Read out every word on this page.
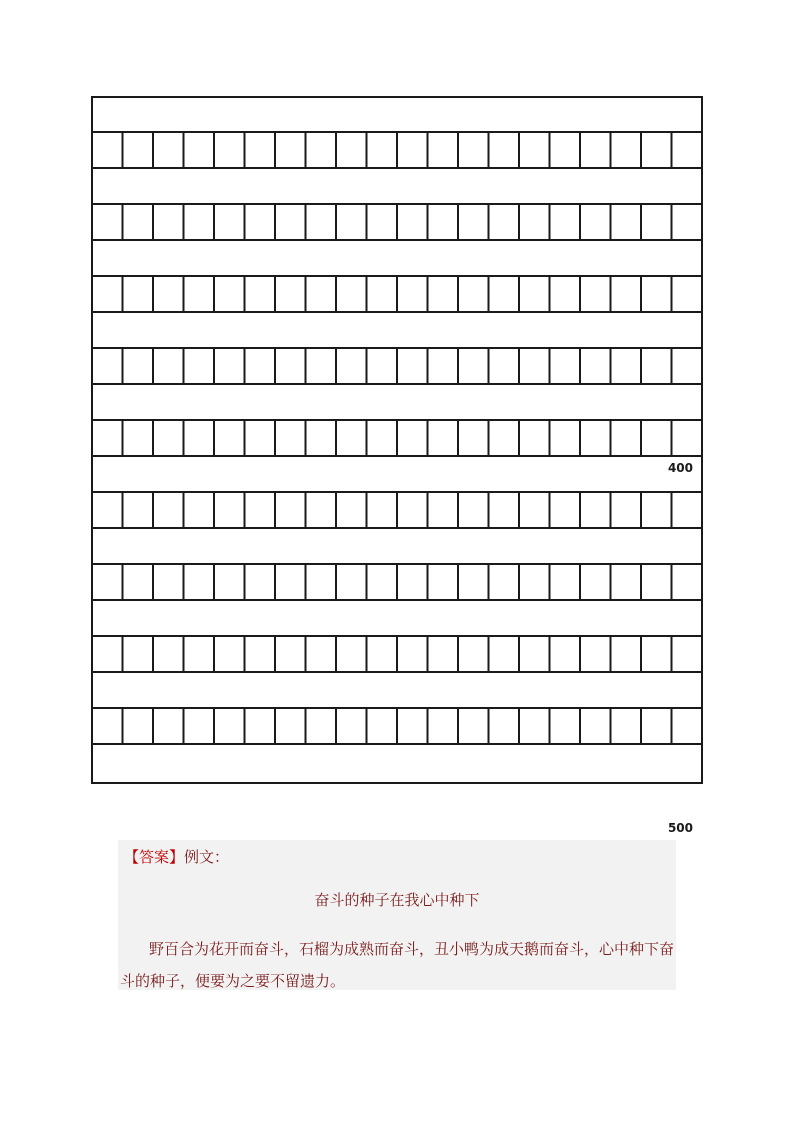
400
500
【答案】例文：
奋斗的种子在我心中种下
野百合为花开而奋斗，石榴为成熟而奋斗，丑小鸭为成天鹅而奋斗，心中种下奋斗的种子，便要为之要不留遗力。
